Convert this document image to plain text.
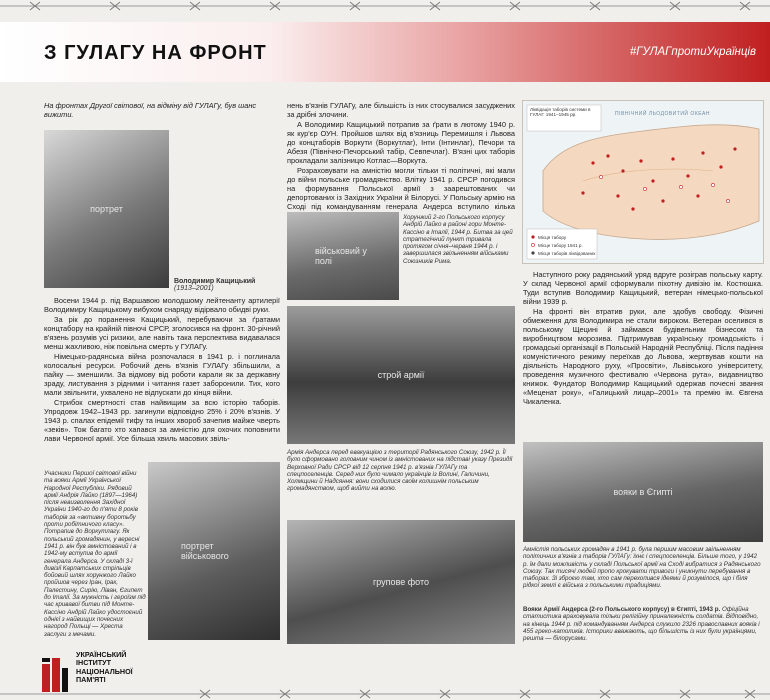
З ГУЛАГУ НА ФРОНТ	#ГУЛАГпротиУкраїнців
На фронтах Другої світової, на відміну від ГУЛАГу, був шанс вижити.
портрет
Володимир Кащицький
(1913–2001)

Восени 1944 р. під Варшавою молодшому лейтенанту артилерії Володимиру Кащицькому вибухом снаряду відірвало обидві руки.

За рік до поранення Кащицький, перебуваючи за ґратами концтабору на крайній півночі СРСР, зголосився на фронт. 30-річний в'язень розумів усі ризики, але навіть така перспектива видавалася менш жахливою, ніж повільна смерть у ГУЛАГу.

Німецько-радянська війна розпочалася в 1941 р. і поглинала колосальні ресурси. Робочий день в'язнів ГУЛАГу збільшили, а пайку — зменшили. За відмову від роботи карали як за державну зраду, листування з рідними і читання газет заборонили. Тих, кого мали звільнити, ухвалено не відпускати до кінця війни.

Стрибок смертності став найвищим за всю історію таборів. Упродовж 1942–1943 рр. загинули відповідно 25% і 20% в'язнів. У 1943 р. спалах епідемії тифу та інших хвороб зачепив майже чверть «зеків». Тож багато хто хапався за амністію для охочих поповнити лави Червоної армії. Усе більша хвиль масових звіль-

Учасники Першої світової війни та вояки Армії Української Народної Республіки. Рядовий армії Андрія Лайко (1897—1964) після невизволення Західної України 1940-го до п'яти 8 років таборів за «активну боротьбу проти робітничого класу». Потрапив до Воркутлагу. Як польський громадянин, у вересні 1941 р. він був амністований і в 1942-му вступив до армії генерала Андерса. У складі 3-ї дивізії Карпатських стрільців бойовий шлях хорунжого Лайко пройшов через Іран, Ірак, Палестину, Сирію, Ліван, Єгипет до Італії. За мужність і героїзм під час кривавої битви під Монте-Кассіно Андрій Лайко удостоєний однієї з найвищих почесних нагород Польщі — Хреста заслуги з мечами.
портрет військового

нень в'язнів ГУЛАГу, але більшість із них стосувалися засуджених за дрібні злочини.

А Володимир Кащицький потрапив за ґрати в лютому 1940 р. як кур'єр ОУН. Пройшов шлях від в'язниць Перемишля і Львова до концтаборів Воркути (Воркутлаг), Інти (Інтинлаг), Печори та Абезя (Північно-Печорський табір, Севпечлаг). В'язні цих таборів прокладали залізницю Котлас—Воркута.

Розраховувати на амністію могли тільки ті політичні, які мали до війни польське громадянство. Влітку 1941 р. СРСР погодився на формування Польської армії з заарештованих чи депортованих із Західних України й Білорусі. У Польську армію на Сході під командуванням генерала Андерса вступило кілька

військовий у полі
Хорунжий 2-го Польського корпусу Андрій Лайко в районі гори Монте-Кассіно в Італії, 1944 р. Битва за цей стратегічний пункт тривала протягом січня–червня 1944 р. і завершилася звільненням військами Союзників Рима.
строй армії
Армія Андерса перед евакуацією з території Радянського Союзу, 1942 р. Її було сформовано головним чином із амністованих на підставі указу Президії Верховної Ради СРСР від 12 серпня 1941 р. в'язнів ГУЛАГу та спецпоселенців. Серед них було чимало українців із Волині, Галичини, Холмщини й Надсяння: вони сходилися своїм колишнім польським громадянством, щоб вийти на волю.
групове фото
Ліквідація таборів системи в ГУЛАГ. 1941–1945 рр.	ПІВНІЧНИЙ ЛЬОДОВИТИЙ ОКЕАН
Місця табору
Місце табору 1941 р.
Місця таборів ліквідованих

Наступного року радянський уряд вдруге розіграв польську карту. У склад Червоної армії сформували піхотну дивізію ім. Костюшка. Туди вступив Володимир Кащицький, ветеран німецько-польської війни 1939 р.

На фронті він втратив руки, але здобув свободу. Фізичні обмеження для Володимира не стали вироком. Ветеран оселився в польському Щецині й займався будівельним бізнесом та виробництвом морозива. Підтримував українську громадськість і громадські організації в Польській Народній Республіці. Після падіння комуністичного режиму переїхав до Львова, жертвував кошти на діяльність Народного руху, «Просвіти», Львівського університету, проведення музичного фестивалю «Червона рута», видавництво книжок. Фундатор Володимир Кащицький одержав почесні звання «Меценат року», «Галицький лицар–2001» та премію ім. Євгена Чикаленка.

вояки в Єгипті
Амністія польських громадян в 1941 р. була першим масовим звільненням політичних в'язнів з таборів ГУЛАГу: їхнє і спецпоселенців. Більше того, у 1942 р. їм дали можливість у складі Польської армії на Сході вибратися з Радянського Союзу. Так тисячі людей пропо крокувати тривоги і уникнути перебування в таборах. Зі зброєю там, хто сам перехопився ідеями й розумілося, що і біля рідкої землі є війська з польськими традиціями.
Вояки Армії Андерса (2-го Польського корпусу) в Єгипті, 1943 р. Офіційна статистика враховувала тільки релігійну приналежність солдатів. Відповідно, на кінець 1944 р. під командуванням Андерса служило 2326 православних вояків і 455 греко-католиків. Історики вважають, що більшість із них були українцями, решта — білорусами.
УКРАЇНСЬКИЙ
ІНСТИТУТ
НАЦІОНАЛЬНОЇ
ПАМ'ЯТІ
